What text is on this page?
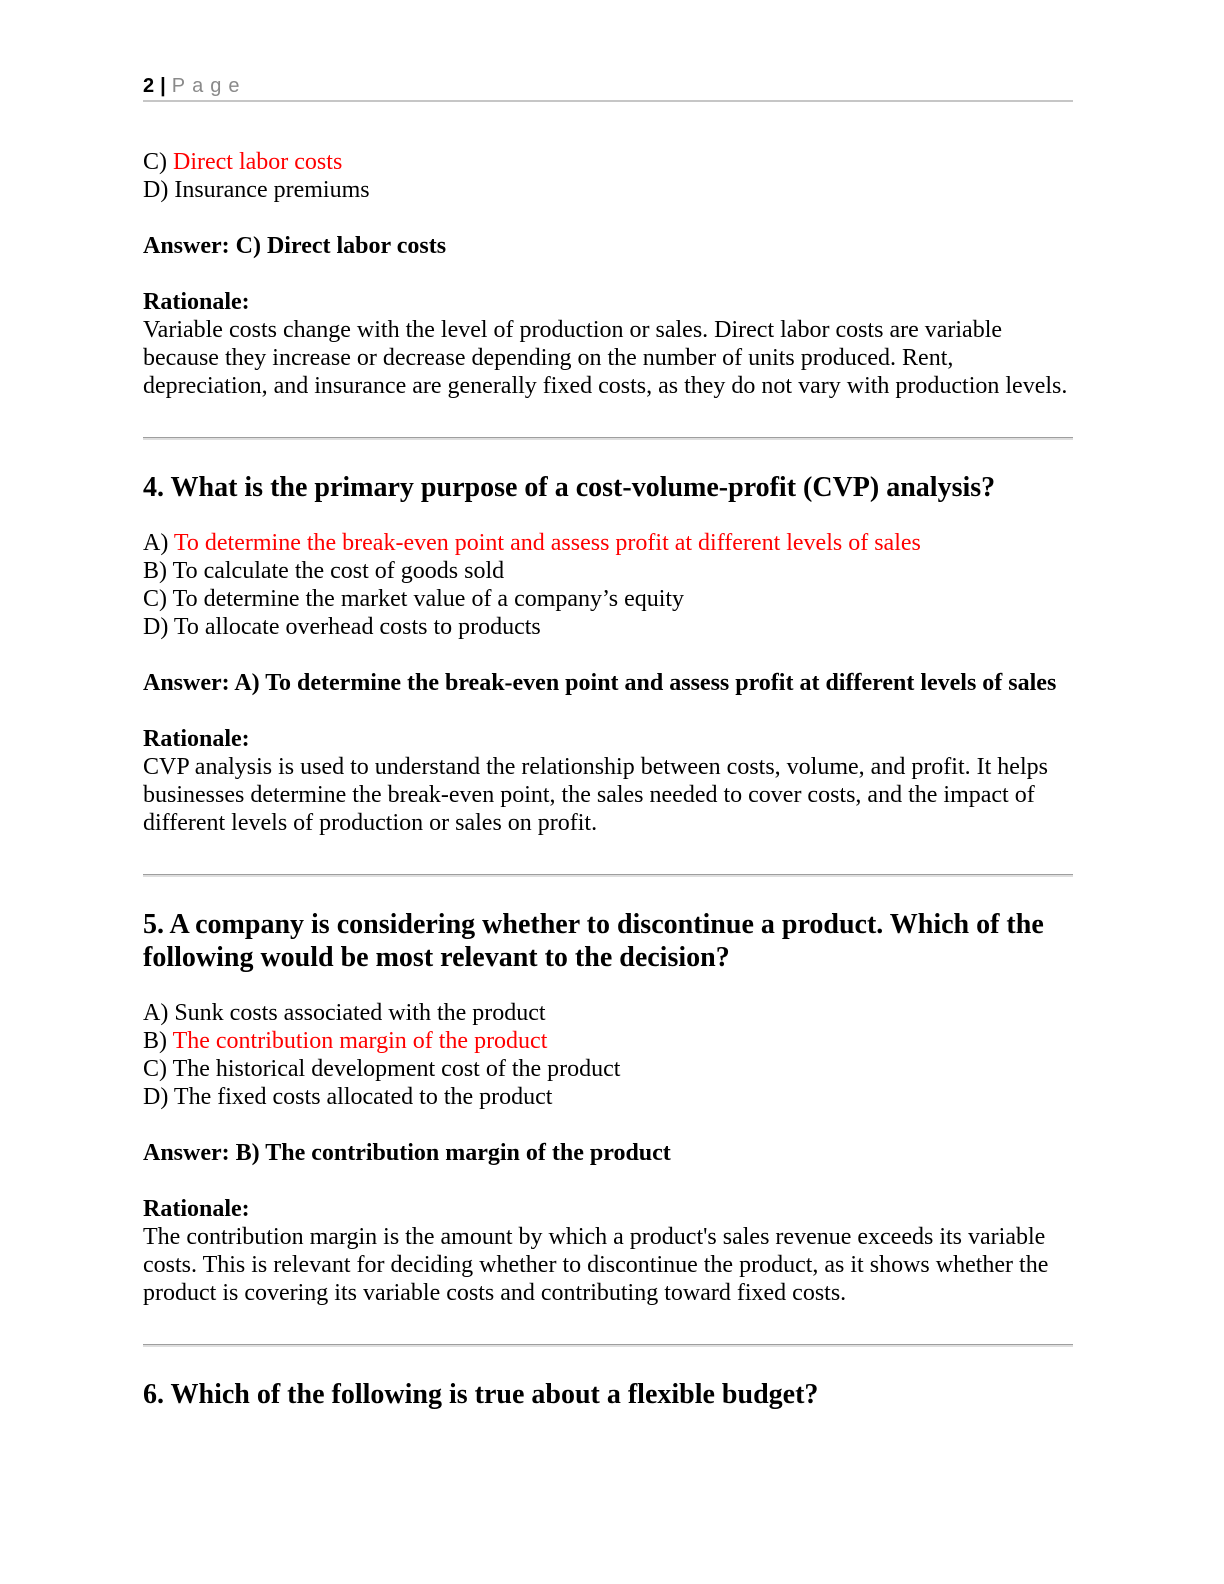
2 | Page
C) Direct labor costs
D) Insurance premiums

Answer: C) Direct labor costs

Rationale:

Variable costs change with the level of production or sales. Direct labor costs are variable because they increase or decrease depending on the number of units produced. Rent, depreciation, and insurance are generally fixed costs, as they do not vary with production levels.

4. What is the primary purpose of a cost-volume-profit (CVP) analysis?
A) To determine the break-even point and assess profit at different levels of sales
B) To calculate the cost of goods sold
C) To determine the market value of a company’s equity
D) To allocate overhead costs to products

Answer: A) To determine the break-even point and assess profit at different levels of sales

Rationale:

CVP analysis is used to understand the relationship between costs, volume, and profit. It helps businesses determine the break-even point, the sales needed to cover costs, and the impact of different levels of production or sales on profit.

5. A company is considering whether to discontinue a product. Which of the following would be most relevant to the decision?
A) Sunk costs associated with the product
B) The contribution margin of the product
C) The historical development cost of the product
D) The fixed costs allocated to the product

Answer: B) The contribution margin of the product

Rationale:

The contribution margin is the amount by which a product's sales revenue exceeds its variable costs. This is relevant for deciding whether to discontinue the product, as it shows whether the product is covering its variable costs and contributing toward fixed costs.

6. Which of the following is true about a flexible budget?
